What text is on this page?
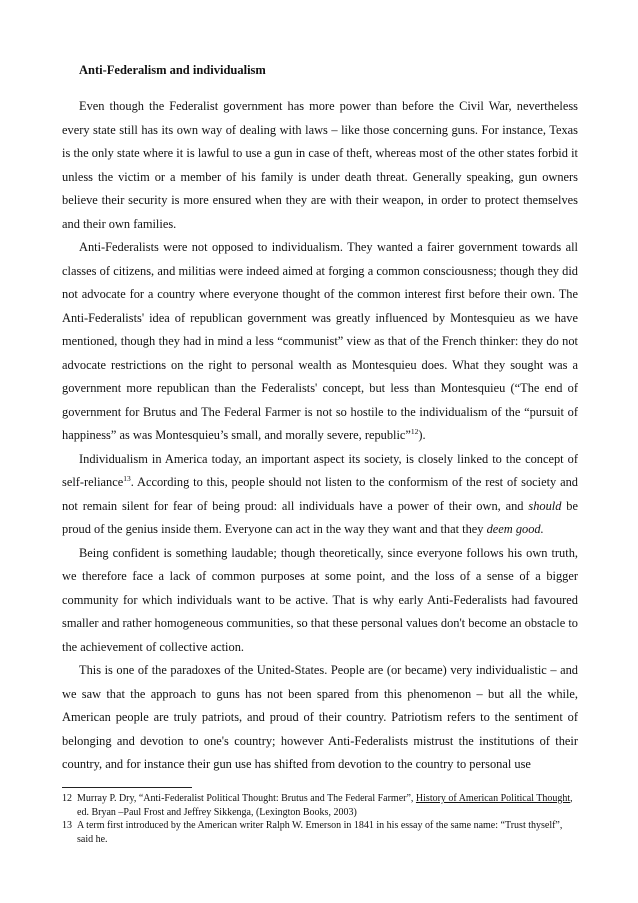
Anti-Federalism and individualism

Even though the Federalist government has more power than before the Civil War, nevertheless every state still has its own way of dealing with laws – like those concerning guns. For instance, Texas is the only state where it is lawful to use a gun in case of theft, whereas most of the other states forbid it unless the victim or a member of his family is under death threat. Generally speaking, gun owners believe their security is more ensured when they are with their weapon, in order to protect themselves and their own families.

Anti-Federalists were not opposed to individualism. They wanted a fairer government towards all classes of citizens, and militias were indeed aimed at forging a common consciousness; though they did not advocate for a country where everyone thought of the common interest first before their own. The Anti-Federalists' idea of republican government was greatly influenced by Montesquieu as we have mentioned, though they had in mind a less “communist” view as that of the French thinker: they do not advocate restrictions on the right to personal wealth as Montesquieu does. What they sought was a government more republican than the Federalists' concept, but less than Montesquieu (“The end of government for Brutus and The Federal Farmer is not so hostile to the individualism of the “pursuit of happiness” as was Montesquieu’s small, and morally severe, republic”$^{12}$).

Individualism in America today, an important aspect its society, is closely linked to the concept of self-reliance$^{13}$. According to this, people should not listen to the conformism of the rest of society and not remain silent for fear of being proud: all individuals have a power of their own, and should be proud of the genius inside them. Everyone can act in the way they want and that they deem good.

Being confident is something laudable; though theoretically, since everyone follows his own truth, we therefore face a lack of common purposes at some point, and the loss of a sense of a bigger community for which individuals want to be active. That is why early Anti-Federalists had favoured smaller and rather homogeneous communities, so that these personal values don't become an obstacle to the achievement of collective action.

This is one of the paradoxes of the United-States. People are (or became) very individualistic – and we saw that the approach to guns has not been spared from this phenomenon – but all the while, American people are truly patriots, and proud of their country. Patriotism refers to the sentiment of belonging and devotion to one's country; however Anti-Federalists mistrust the institutions of their country, and for instance their gun use has shifted from devotion to the country to personal use

12 Murray P. Dry, “Anti-Federalist Political Thought: Brutus and The Federal Farmer”, History of American Political Thought, ed. Bryan –Paul Frost and Jeffrey Sikkenga, (Lexington Books, 2003)
13 A term first introduced by the American writer Ralph W. Emerson in 1841 in his essay of the same name: “Trust thyself”, said he.
